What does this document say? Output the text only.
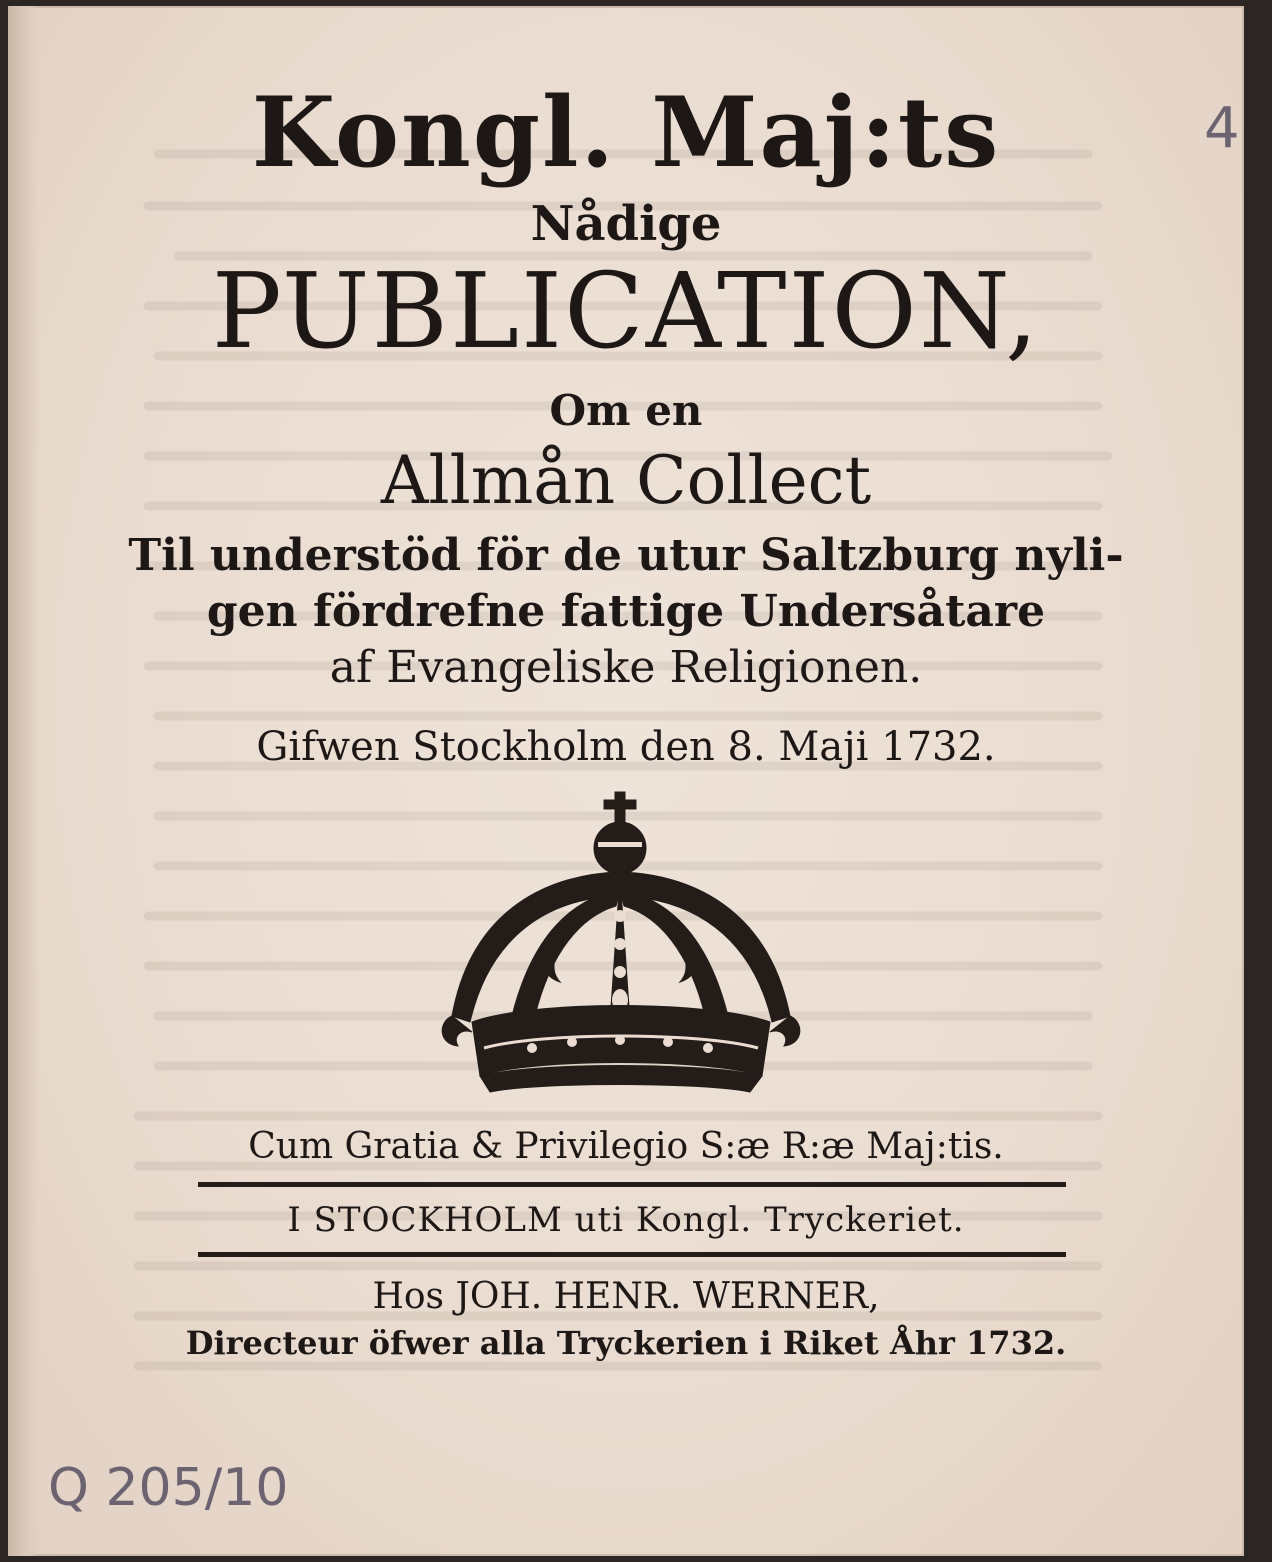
Kongl. Maj:ts
Nådige
PUBLICATION,
Om en
Allmån Collect
Til understöd för de utur Saltzburg nyli-
gen fördrefne fattige Undersåtare
af Evangeliske Religionen.
Gifwen Stockholm den 8. Maji 1732.
Cum Gratia & Privilegio S:æ R:æ Maj:tis.
I STOCKHOLM uti Kongl. Tryckeriet.
Hos JOH. HENR. WERNER,
Directeur öfwer alla Tryckerien i Riket Åhr 1732.
Q 205/10
4
